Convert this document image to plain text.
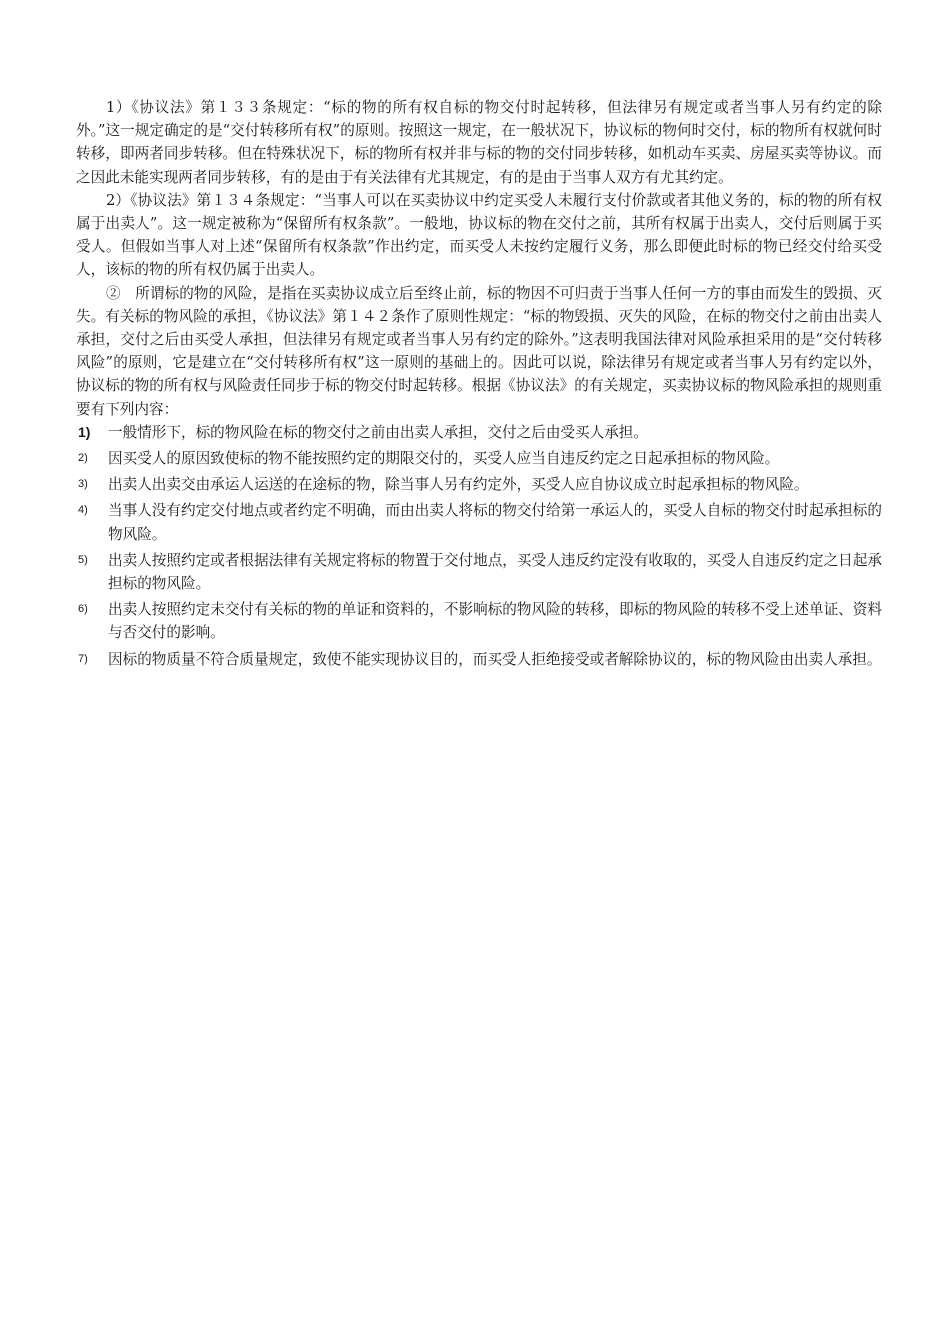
1）《协议法》第１３３条规定：“标的物的所有权自标的物交付时起转移，但法律另有规定或者当事人另有约定的除外。”这一规定确定的是“交付转移所有权”的原则。按照这一规定，在一般状况下，协议标的物何时交付，标的物所有权就何时转移，即两者同步转移。但在特殊状况下，标的物所有权并非与标的物的交付同步转移，如机动车买卖、房屋买卖等协议。而之因此未能实现两者同步转移，有的是由于有关法律有尤其规定，有的是由于当事人双方有尤其约定。

2）《协议法》第１３４条规定：“当事人可以在买卖协议中约定买受人未履行支付价款或者其他义务的，标的物的所有权属于出卖人”。这一规定被称为“保留所有权条款”。一般地，协议标的物在交付之前，其所有权属于出卖人，交付后则属于买受人。但假如当事人对上述“保留所有权条款”作出约定，而买受人未按约定履行义务，那么即便此时标的物已经交付给买受人，该标的物的所有权仍属于出卖人。

②　所谓标的物的风险，是指在买卖协议成立后至终止前，标的物因不可归责于当事人任何一方的事由而发生的毁损、灭失。有关标的物风险的承担，《协议法》第１４２条作了原则性规定：“标的物毁损、灭失的风险，在标的物交付之前由出卖人承担，交付之后由买受人承担，但法律另有规定或者当事人另有约定的除外。”这表明我国法律对风险承担采用的是“交付转移风险”的原则，它是建立在“交付转移所有权”这一原则的基础上的。因此可以说，除法律另有规定或者当事人另有约定以外，协议标的物的所有权与风险责任同步于标的物交付时起转移。根据《协议法》的有关规定，买卖协议标的物风险承担的规则重要有下列内容：

1)	一般情形下，标的物风险在标的物交付之前由出卖人承担，交付之后由受买人承担。
2)	因买受人的原因致使标的物不能按照约定的期限交付的，买受人应当自违反约定之日起承担标的物风险。
3)	出卖人出卖交由承运人运送的在途标的物，除当事人另有约定外，买受人应自协议成立时起承担标的物风险。
4)	当事人没有约定交付地点或者约定不明确，而由出卖人将标的物交付给第一承运人的，买受人自标的物交付时起承担标的物风险。
5)	出卖人按照约定或者根据法律有关规定将标的物置于交付地点，买受人违反约定没有收取的，买受人自违反约定之日起承担标的物风险。
6)	出卖人按照约定未交付有关标的物的单证和资料的，不影响标的物风险的转移，即标的物风险的转移不受上述单证、资料与否交付的影响。
7)	因标的物质量不符合质量规定，致使不能实现协议目的，而买受人拒绝接受或者解除协议的，标的物风险由出卖人承担。
